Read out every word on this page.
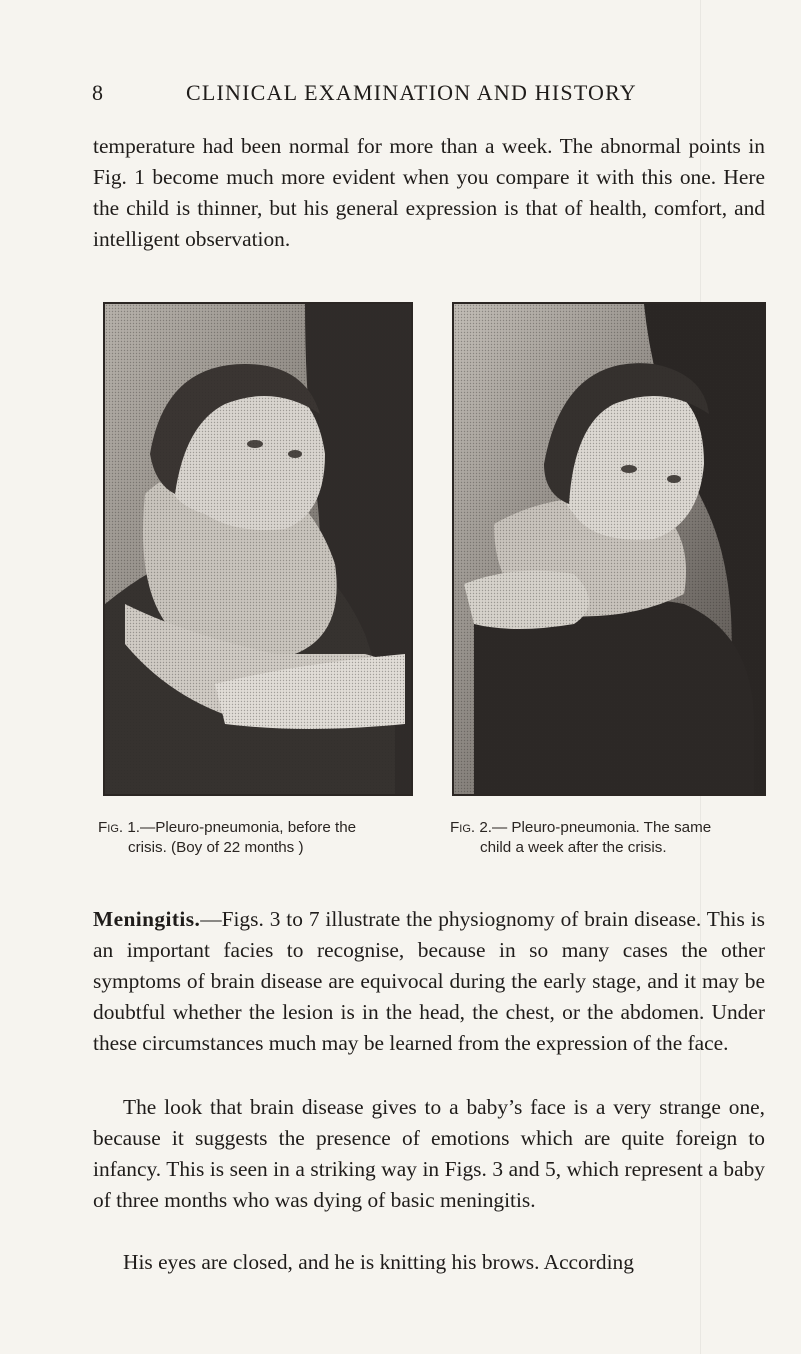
8	CLINICAL EXAMINATION AND HISTORY

temperature had been normal for more than a week. The abnormal points in Fig. 1 become much more evident when you compare it with this one. Here the child is thinner, but his general expression is that of health, comfort, and intelligent observation.

Fig. 1.—Pleuro-pneumonia, before the
crisis. (Boy of 22 months )
Fig. 2.— Pleuro-pneumonia. The same
child a week after the crisis.

Meningitis.—Figs. 3 to 7 illustrate the physiognomy of brain disease. This is an important facies to recognise, because in so many cases the other symptoms of brain disease are equivocal during the early stage, and it may be doubtful whether the lesion is in the head, the chest, or the abdomen. Under these circumstances much may be learned from the expression of the face.

The look that brain disease gives to a baby’s face is a very strange one, because it suggests the presence of emotions which are quite foreign to infancy. This is seen in a striking way in Figs. 3 and 5, which represent a baby of three months who was dying of basic meningitis.

His eyes are closed, and he is knitting his brows. According
